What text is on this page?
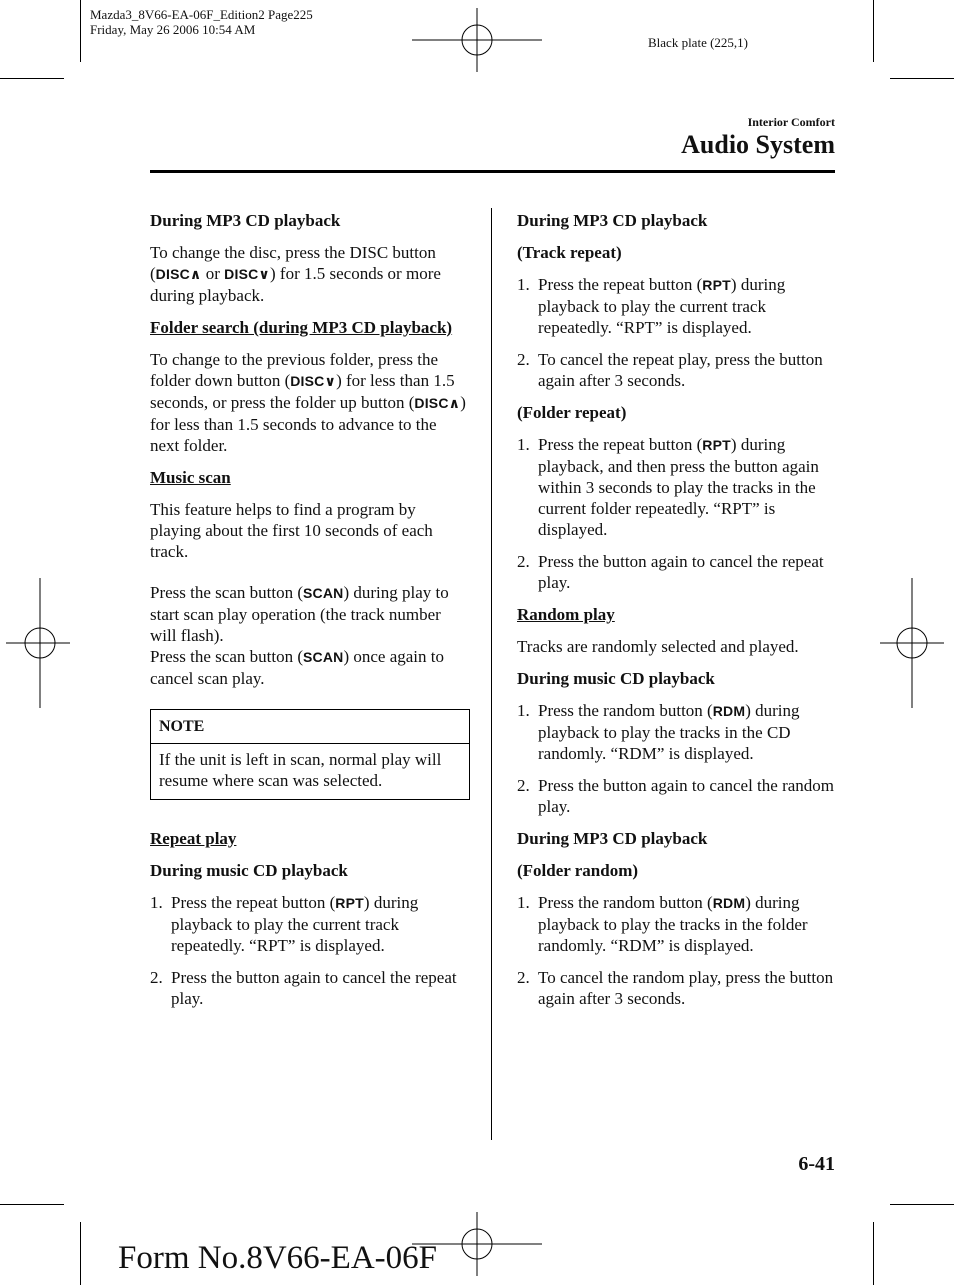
Mazda3_8V66-EA-06F_Edition2 Page225
Friday, May 26 2006 10:54 AM
Black plate (225,1)
Interior Comfort
Audio System
During MP3 CD playback

To change the disc, press the DISC button (DISC∧ or DISC∨) for 1.5 seconds or more during playback.

Folder search (during MP3 CD playback)

To change to the previous folder, press the folder down button (DISC∨) for less than 1.5 seconds, or press the folder up button (DISC∧) for less than 1.5 seconds to advance to the next folder.

Music scan

This feature helps to find a program by playing about the first 10 seconds of each track.

Press the scan button (SCAN) during play to start scan play operation (the track number will flash).

Press the scan button (SCAN) once again to cancel scan play.

NOTE
If the unit is left in scan, normal play will resume where scan was selected.
Repeat play
During music CD playback
1. Press the repeat button (RPT) during playback to play the current track repeatedly. “RPT” is displayed.
2. Press the button again to cancel the repeat play.
During MP3 CD playback
(Track repeat)
1. Press the repeat button (RPT) during playback to play the current track repeatedly. “RPT” is displayed.
2. To cancel the repeat play, press the button again after 3 seconds.
(Folder repeat)
1. Press the repeat button (RPT) during playback, and then press the button again within 3 seconds to play the tracks in the current folder repeatedly. “RPT” is displayed.
2. Press the button again to cancel the repeat play.
Random play

Tracks are randomly selected and played.

During music CD playback
1. Press the random button (RDM) during playback to play the tracks in the CD randomly. “RDM” is displayed.
2. Press the button again to cancel the random play.
During MP3 CD playback
(Folder random)
1. Press the random button (RDM) during playback to play the tracks in the folder randomly. “RDM” is displayed.
2. To cancel the random play, press the button again after 3 seconds.
6-41
Form No.8V66-EA-06F
